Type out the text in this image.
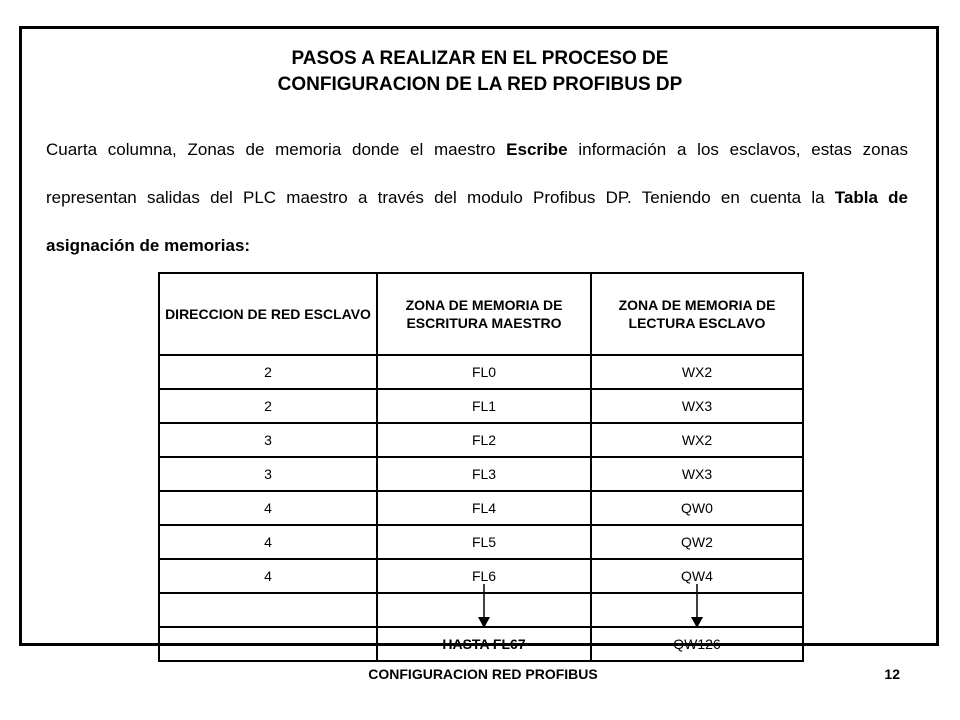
PASOS A REALIZAR EN EL PROCESO DE
CONFIGURACION DE LA RED PROFIBUS DP
Cuarta columna, Zonas de memoria donde el maestro Escribe información a los esclavos, estas zonas representan salidas del PLC maestro a través del modulo Profibus DP. Teniendo en cuenta la Tabla de asignación de memorias:
DIRECCION DE RED ESCLAVO	ZONA DE MEMORIA DE ESCRITURA MAESTRO	ZONA DE MEMORIA DE LECTURA ESCLAVO
2	FL0	WX2
2	FL1	WX3
3	FL2	WX2
3	FL3	WX3
4	FL4	QW0
4	FL5	QW2
4	FL6	QW4

	HASTA FL67	QW126
CONFIGURACION RED PROFIBUS	12
